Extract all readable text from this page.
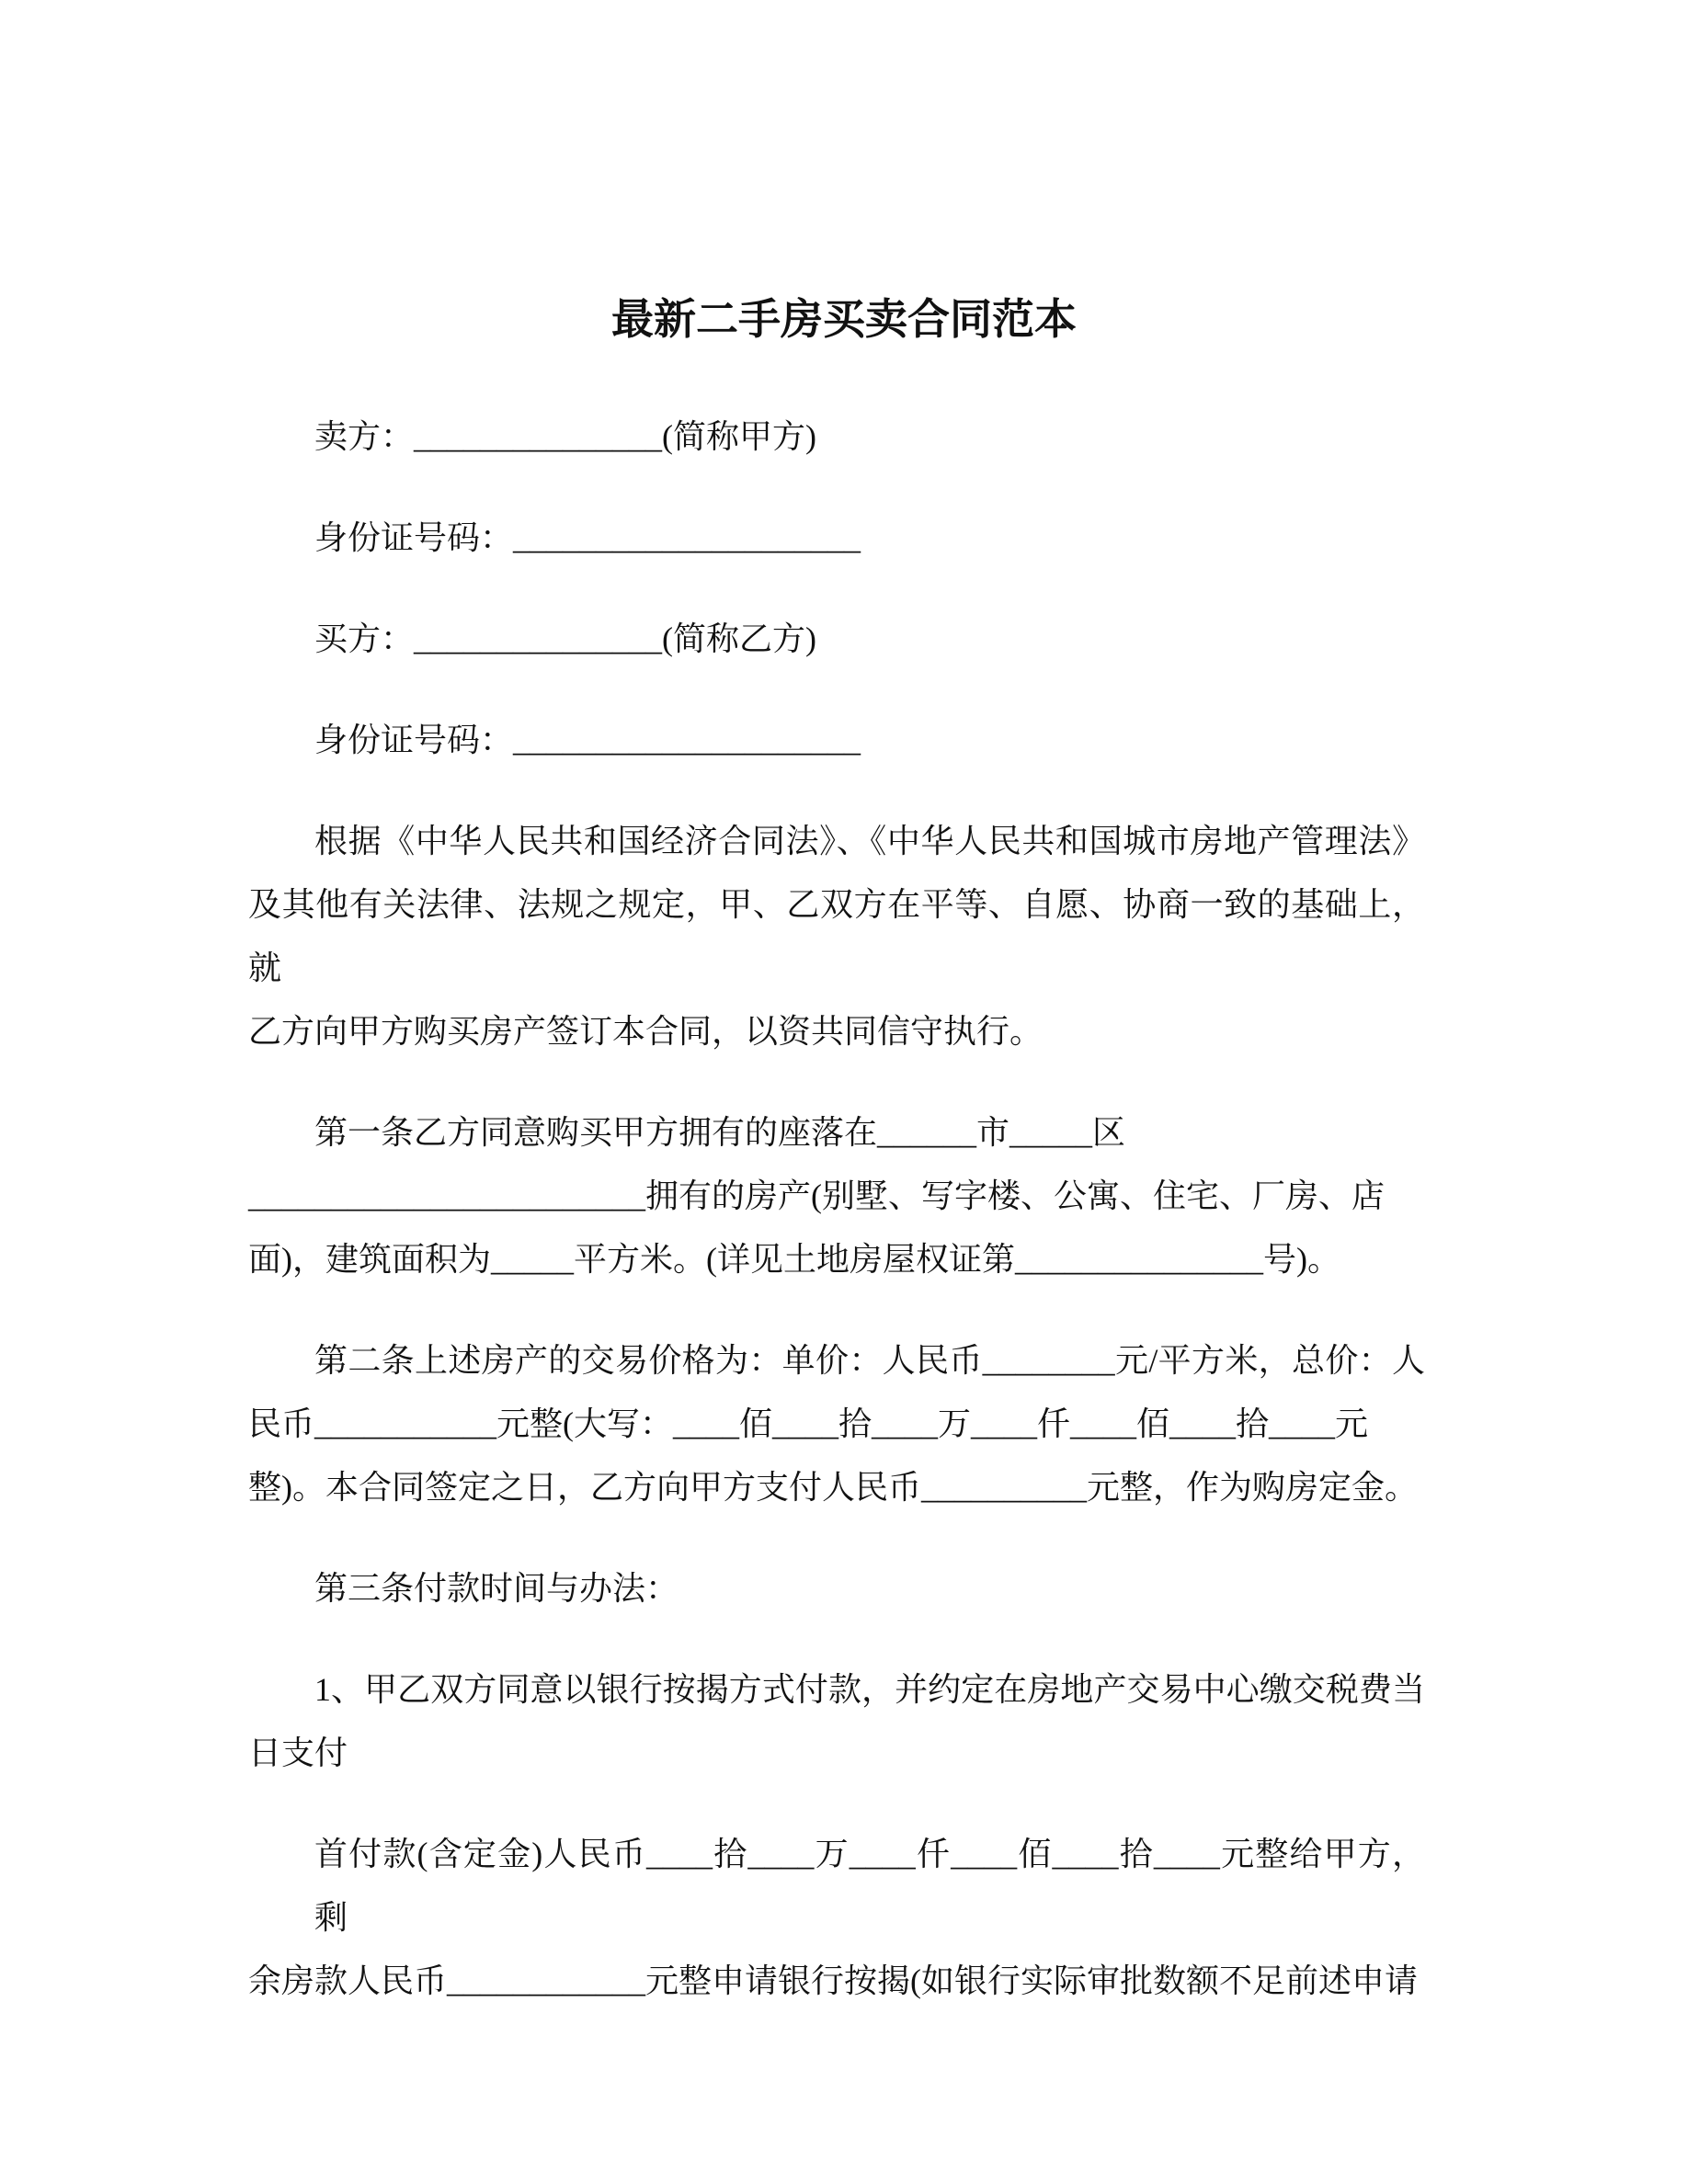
最新二手房买卖合同范本
卖方：_______________(简称甲方)
身份证号码：_____________________
买方：_______________(简称乙方)
身份证号码：_____________________
根据《中华人民共和国经济合同法》、《中华人民共和国城市房地产管理法》
及其他有关法律、法规之规定，甲、乙双方在平等、自愿、协商一致的基础上，就
乙方向甲方购买房产签订本合同，以资共同信守执行。
第一条乙方同意购买甲方拥有的座落在______市_____区
________________________拥有的房产(别墅、写字楼、公寓、住宅、厂房、店
面)，建筑面积为_____平方米。(详见土地房屋权证第_______________号)。
第二条上述房产的交易价格为：单价：人民币________元/平方米，总价：人
民币___________元整(大写：____佰____拾____万____仟____佰____拾____元
整)。本合同签定之日，乙方向甲方支付人民币__________元整，作为购房定金。
第三条付款时间与办法：
1、甲乙双方同意以银行按揭方式付款，并约定在房地产交易中心缴交税费当
日支付
首付款(含定金)人民币____拾____万____仟____佰____拾____元整给甲方，剩
余房款人民币____________元整申请银行按揭(如银行实际审批数额不足前述申请
